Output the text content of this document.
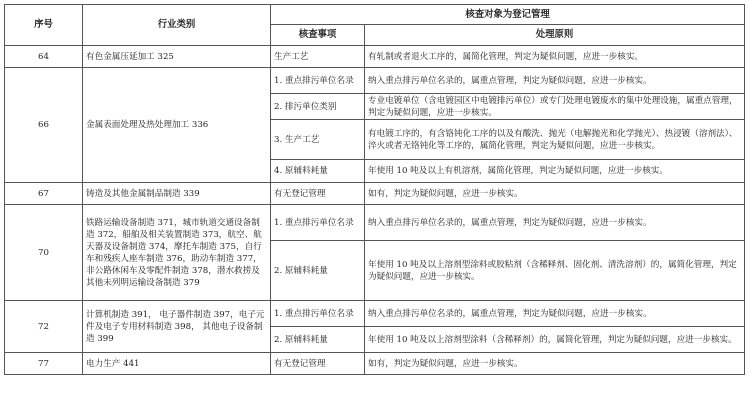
序号	行业类别	核查对象为登记管理	
		核查事项	处理原则
64	有色金属压延加工 325	生产工艺	有轧制或者退火工序的，属简化管理，判定为疑似问题，应进一步核实。
66	金属表面处理及热处理加工 336	1. 重点排污单位名录	纳入重点排污单位名录的，属重点管理，判定为疑似问题，应进一步核实。
		2. 排污单位类别	专业电镀单位（含电镀园区中电镀排污单位）或专门处理电镀废水的集中处理设施，属重点管理，判定为疑似问题，应进一步核实。
		3. 生产工艺	有电镀工序的，有含铬钝化工序的以及有酸洗、抛光（电解抛光和化学抛光）、热浸镀（溶剂法）、淬火或者无铬钝化等工序的，属简化管理，判定为疑似问题，应进一步核实。
		4. 原辅料耗量	年使用 10 吨及以上有机溶剂，属简化管理，判定为疑似问题，应进一步核实。
67	铸造及其他金属制品制造 339	有无登记管理	如有，判定为疑似问题，应进一步核实。
70	铁路运输设备制造 371，城市轨道交通设备制造 372，船舶及相关装置制造 373，航空、航天器及设备制造 374，摩托车制造 375，自行车和残疾人座车制造 376，助动车制造 377，非公路休闲车及零配件制造 378，潜水救捞及其他未列明运输设备制造 379	1. 重点排污单位名录	纳入重点排污单位名录的，属重点管理，判定为疑似问题，应进一步核实。
		2. 原辅料耗量	年使用 10 吨及以上溶剂型涂料或胶粘剂（含稀释剂、固化剂、清洗溶剂）的，属简化管理，判定为疑似问题，应进一步核实。
72	计算机制造 391， 电子器件制造 397，电子元件及电子专用材料制造 398， 其他电子设备制造 399	1. 重点排污单位名录	纳入重点排污单位名录的，属重点管理，判定为疑似问题，应进一步核实。
		2. 原辅料耗量	年使用 10 吨及以上溶剂型涂料（含稀释剂）的，属简化管理，判定为疑似问题，应进一步核实。
77	电力生产 441	有无登记管理	如有，判定为疑似问题，应进一步核实。
